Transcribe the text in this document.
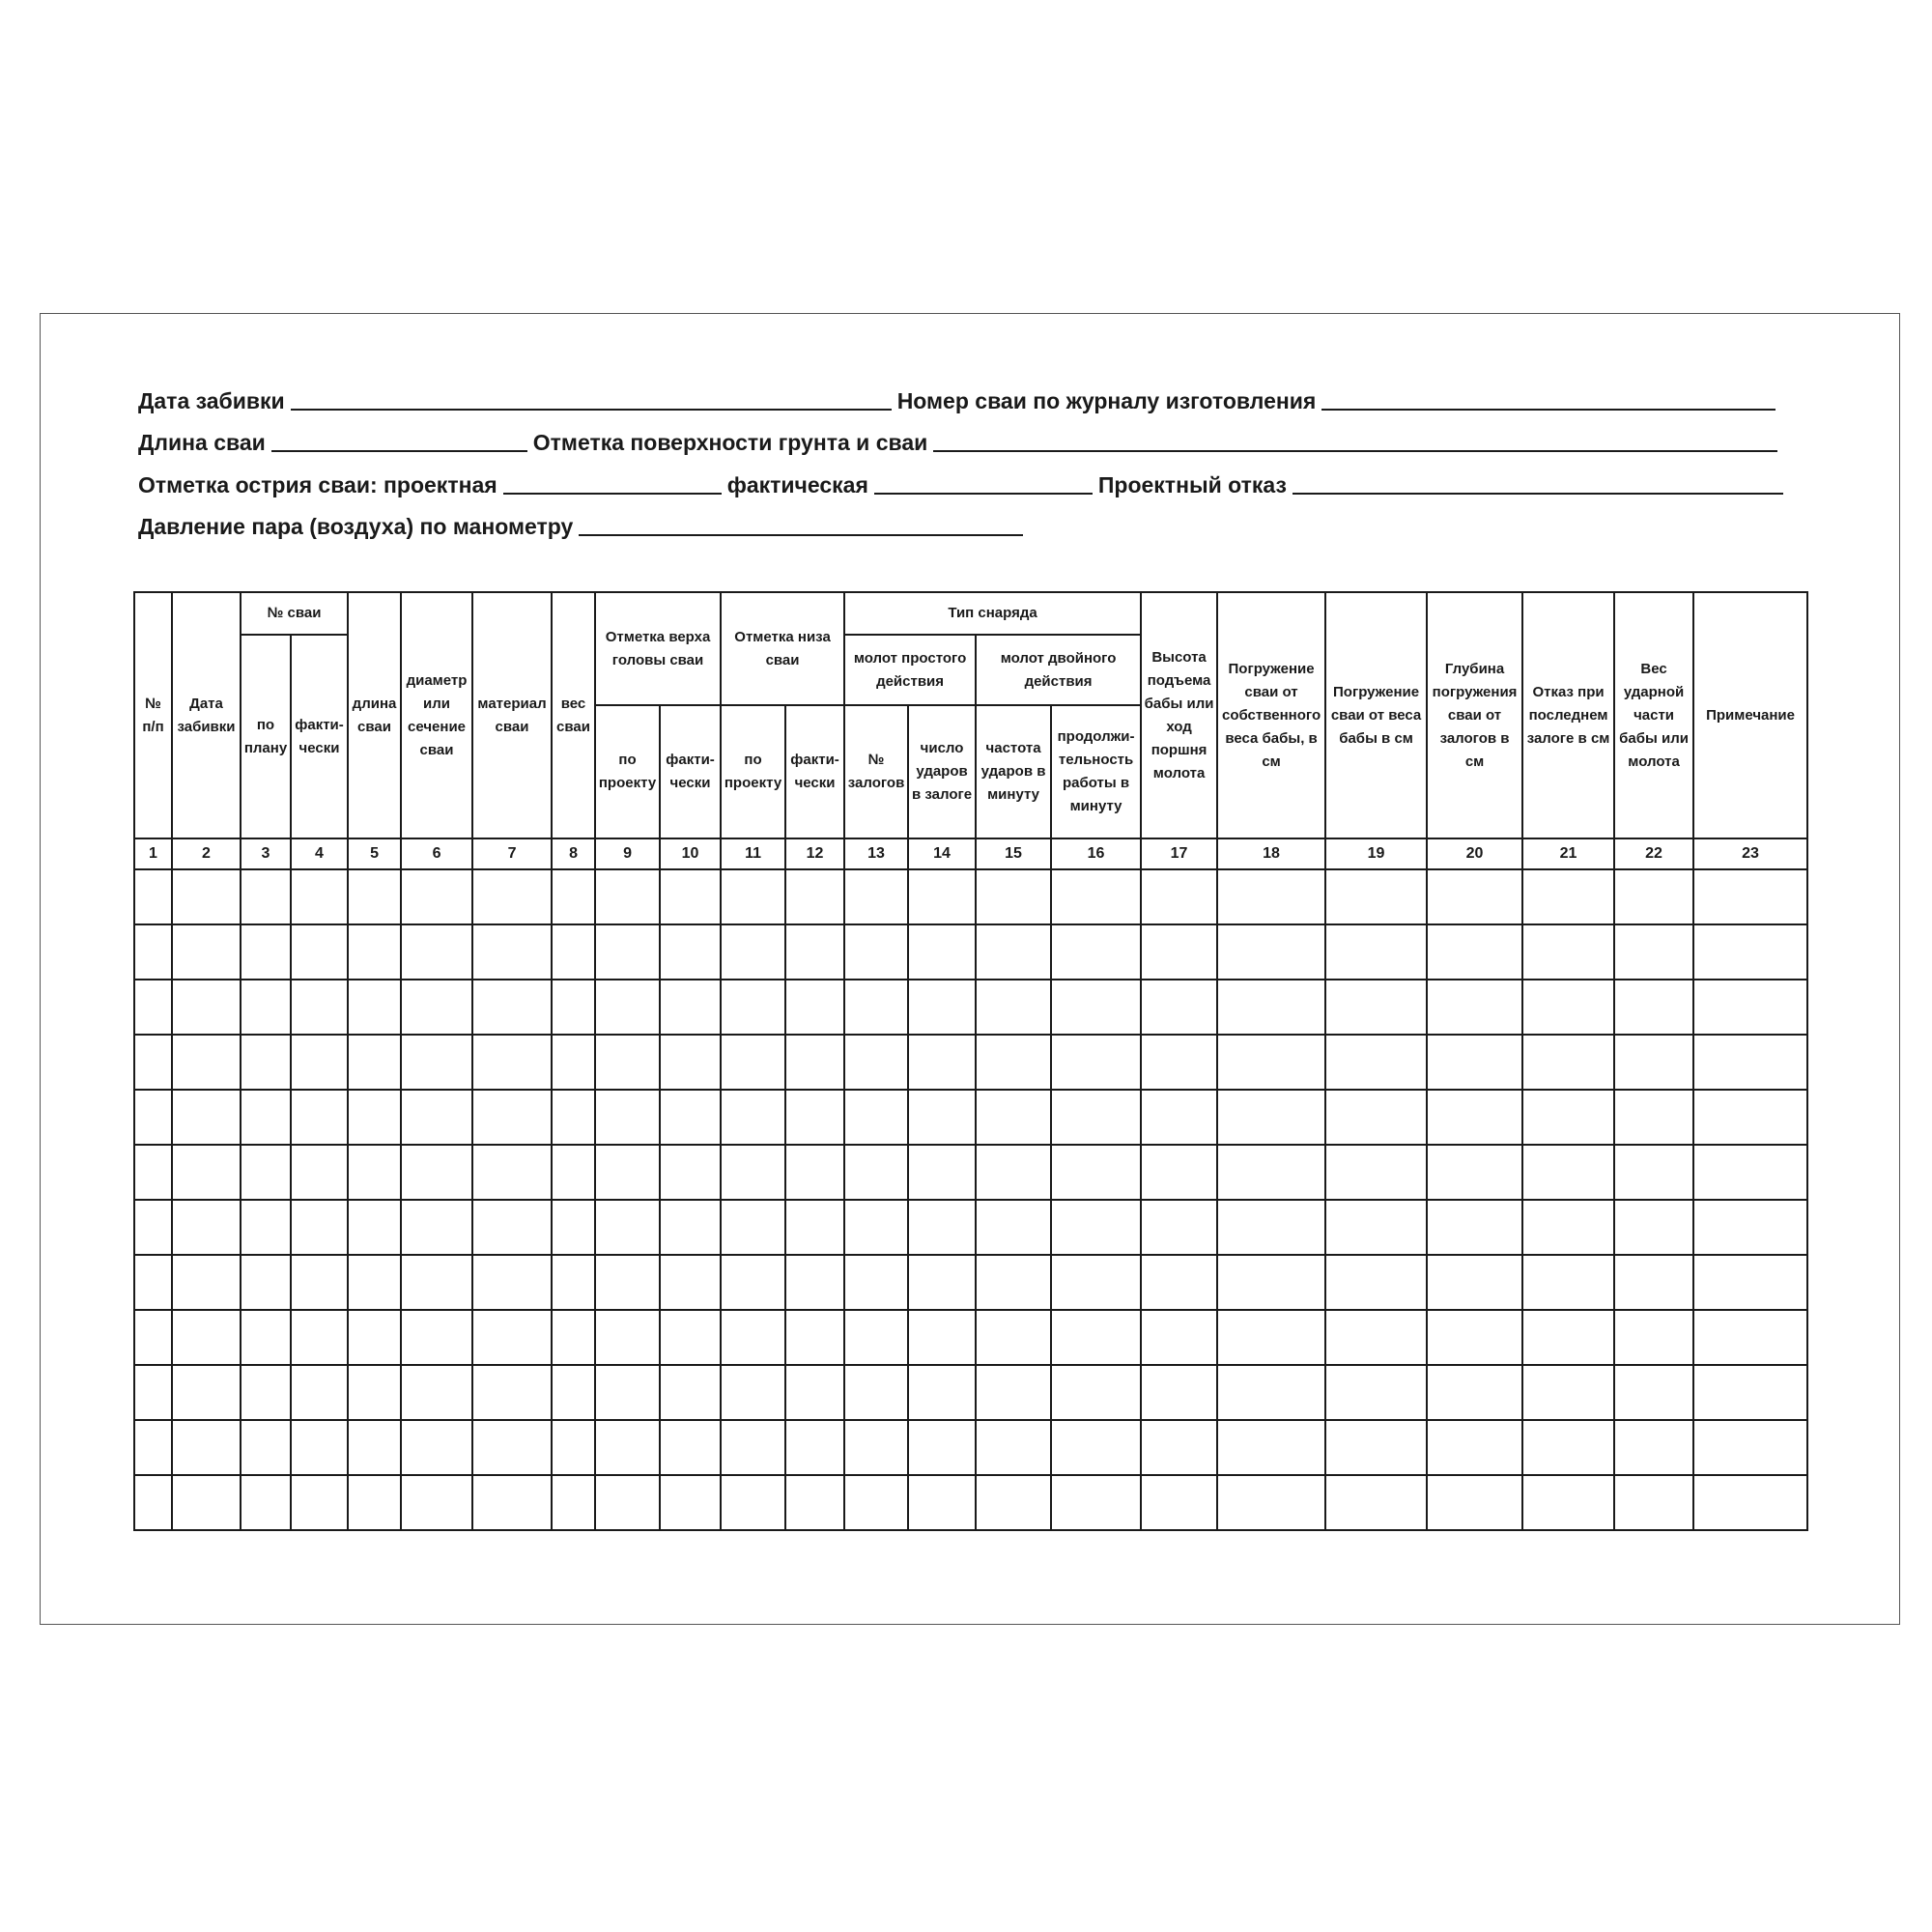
Дата забивки	Номер сваи по журналу изготовления
Длина сваи	Отметка поверхности грунта и сваи
Отметка острия сваи: проектная	фактическая	Проектный отказ
Давление пара (воздуха) по манометру
№ п/п	Дата забивки	№ сваи		длина сваи	диаметр или сечение сваи	материал сваи	вес сваи	Отметка верха головы сваи		Отметка низа сваи		Тип снаряда				Высота подъема бабы или ход поршня молота	Погружение сваи от собственного веса бабы, в см	Погружение сваи от веса бабы в см	Глубина погружения сваи от залогов в см	Отказ при последнем залоге в см	Вес ударной части бабы или молота	Примечание
		по плану	факти-чески									молот простого действия		молот двойного действия								
								по проекту	факти-чески	по проекту	факти-чески	№ залогов	число ударов в залоге	частота ударов в минуту	продолжи-тельность работы в минуту							
1	2	3	4	5	6	7	8	9	10	11	12	13	14	15	16	17	18	19	20	21	22	23
